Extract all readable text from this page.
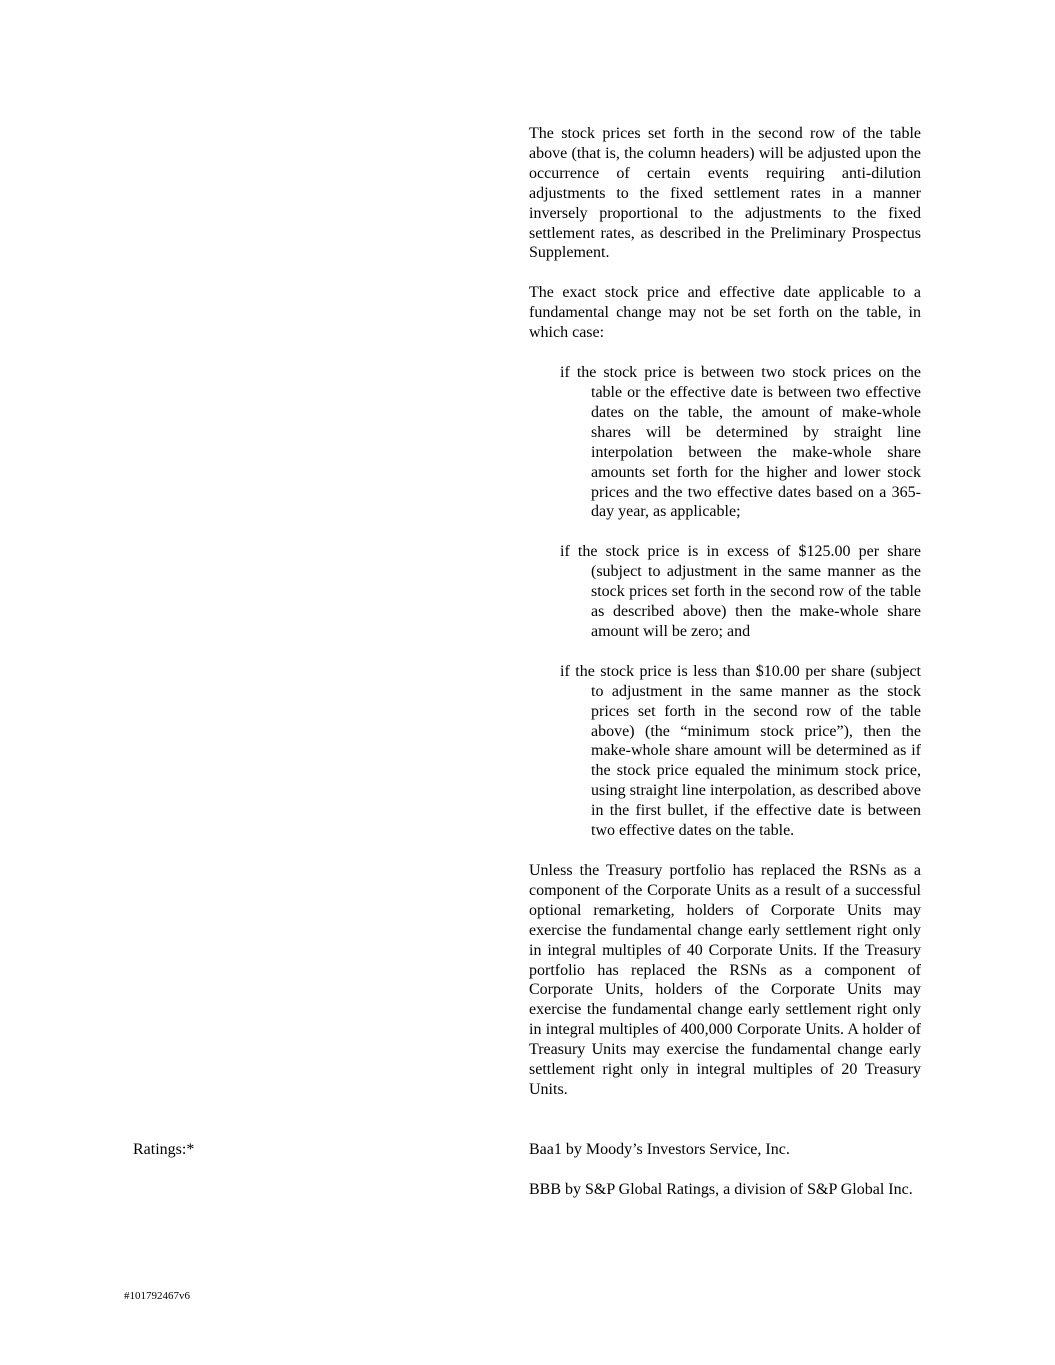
The stock prices set forth in the second row of the table above (that is, the column headers) will be adjusted upon the occurrence of certain events requiring anti-dilution adjustments to the fixed settlement rates in a manner inversely proportional to the adjustments to the fixed settlement rates, as described in the Preliminary Prospectus Supplement.

The exact stock price and effective date applicable to a fundamental change may not be set forth on the table, in which case:

if the stock price is between two stock prices on the table or the effective date is between two effective dates on the table, the amount of make-whole shares will be determined by straight line interpolation between the make-whole share amounts set forth for the higher and lower stock prices and the two effective dates based on a 365-day year, as applicable;

if the stock price is in excess of $125.00 per share (subject to adjustment in the same manner as the stock prices set forth in the second row of the table as described above) then the make-whole share amount will be zero; and

if the stock price is less than $10.00 per share (subject to adjustment in the same manner as the stock prices set forth in the second row of the table above) (the “minimum stock price”), then the make-whole share amount will be determined as if the stock price equaled the minimum stock price, using straight line interpolation, as described above in the first bullet, if the effective date is between two effective dates on the table.

Unless the Treasury portfolio has replaced the RSNs as a component of the Corporate Units as a result of a successful optional remarketing, holders of Corporate Units may exercise the fundamental change early settlement right only in integral multiples of 40 Corporate Units. If the Treasury portfolio has replaced the RSNs as a component of Corporate Units, holders of the Corporate Units may exercise the fundamental change early settlement right only in integral multiples of 400,000 Corporate Units. A holder of Treasury Units may exercise the fundamental change early settlement right only in integral multiples of 20 Treasury Units.

Ratings:*	Baa1 by Moody’s Investors Service, Inc.
BBB by S&P Global Ratings, a division of S&P Global Inc.
#101792467v6
